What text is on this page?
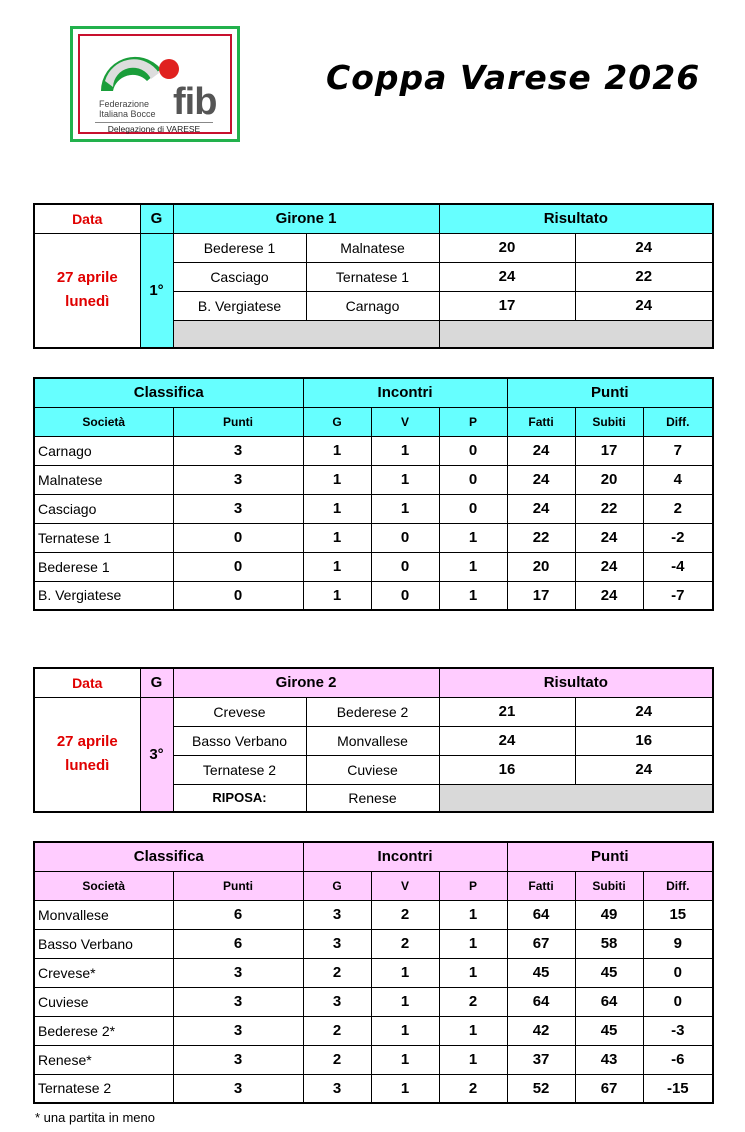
Federazione Italiana Bocce fib
Delegazione di VARESE
Coppa Varese 2026
Data	G	Girone 1		Risultato	
27 aprile
lunedì	1°	Bederese 1	Malnatese	20	24
		Casciago	Ternatese 1	24	22
		B. Vergiatese	Carnago	17	24

Classifica		Incontri			Punti		
Società	Punti	G	V	P	Fatti	Subiti	Diff.
Carnago	3	1	1	0	24	17	7
Malnatese	3	1	1	0	24	20	4
Casciago	3	1	1	0	24	22	2
Ternatese 1	0	1	0	1	22	24	-2
Bederese 1	0	1	0	1	20	24	-4
B. Vergiatese	0	1	0	1	17	24	-7
Data	G	Girone 2		Risultato	
27 aprile
lunedì	3°	Crevese	Bederese 2	21	24
		Basso Verbano	Monvallese	24	16
		Ternatese 2	Cuviese	16	24
		RIPOSA:	Renese		
Classifica		Incontri			Punti		
Società	Punti	G	V	P	Fatti	Subiti	Diff.
Monvallese	6	3	2	1	64	49	15
Basso Verbano	6	3	2	1	67	58	9
Crevese*	3	2	1	1	45	45	0
Cuviese	3	3	1	2	64	64	0
Bederese 2*	3	2	1	1	42	45	-3
Renese*	3	2	1	1	37	43	-6
Ternatese 2	3	3	1	2	52	67	-15
* una partita in meno
